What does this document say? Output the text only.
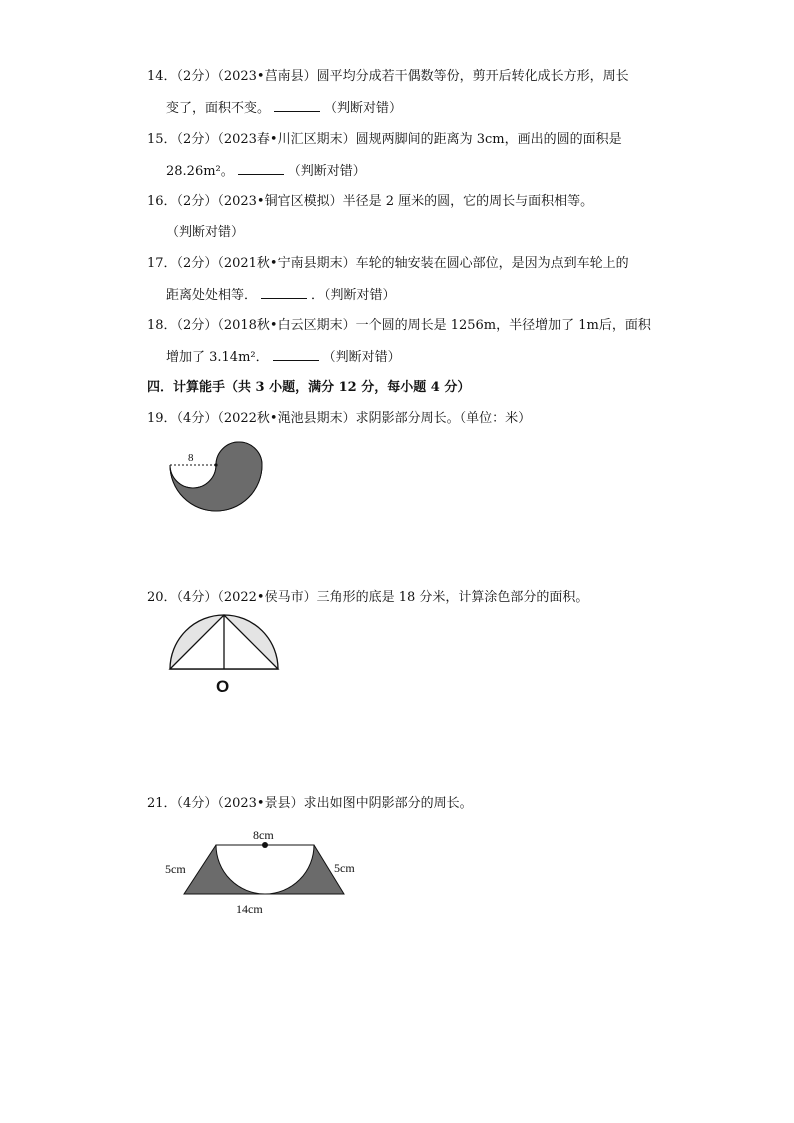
14．（2分）（2023•莒南县）圆平均分成若干偶数等份，剪开后转化成长方形，周长
变了，面积不变。	（判断对错）
15．（2分）（2023春•川汇区期末）圆规两脚间的距离为 3cm，画出的圆的面积是
28.26m²。	（判断对错）
16．（2分）（2023•铜官区模拟）半径是 2 厘米的圆，它的周长与面积相等。
（判断对错）
17．（2分）（2021秋•宁南县期末）车轮的轴安装在圆心部位，是因为点到车轮上的
距离处处相等．	．（判断对错）
18．（2分）（2018秋•白云区期末）一个圆的周长是 1256m，半径增加了 1m后，面积
增加了 3.14m²．	（判断对错）
四．计算能手（共 3 小题，满分 12 分，每小题 4 分）
19．（4分）（2022秋•渑池县期末）求阴影部分周长。（单位：米）
8
20．（4分）（2022•侯马市）三角形的底是 18 分米，计算涂色部分的面积。
O
21．（4分）（2023•景县）求出如图中阴影部分的周长。
8cm
5cm	5cm
14cm
